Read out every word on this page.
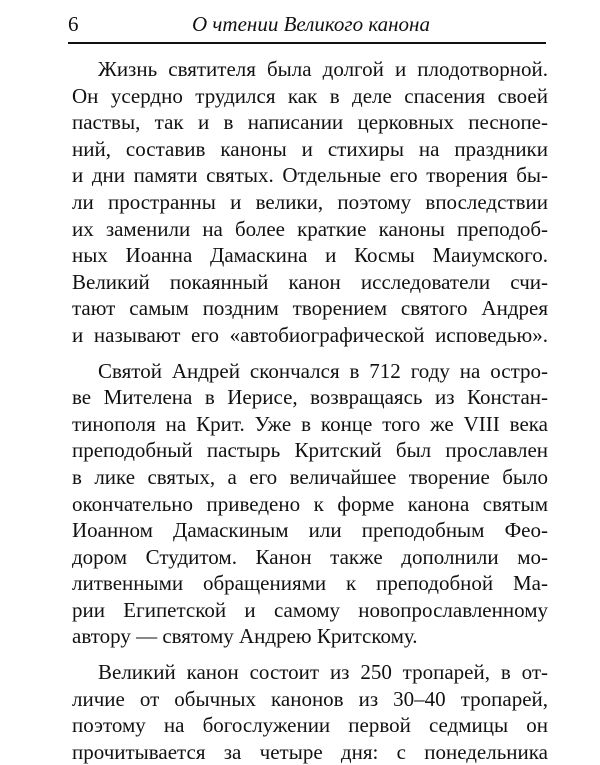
6	О чтении Великого канона
Жизнь святителя была долгой и плодотворной.
Он усердно трудился как в деле спасения своей
паствы, так и в написании церковных песнопе-
ний, составив каноны и стихиры на праздники
и дни памяти святых. Отдельные его творения бы-
ли пространны и велики, поэтому впоследствии
их заменили на более краткие каноны преподоб-
ных Иоанна Дамаскина и Космы Маиумского.
Великий покаянный канон исследователи счи-
тают самым поздним творением святого Андрея
и называют его «автобиографической исповедью».
Святой Андрей скончался в 712 году на остро-
ве Мителена в Иерисе, возвращаясь из Констан-
тинополя на Крит. Уже в конце того же VIII века
преподобный пастырь Критский был прославлен
в лике святых, а его величайшее творение было
окончательно приведено к форме канона святым
Иоанном Дамаскиным или преподобным Фео-
дором Студитом. Канон также дополнили мо-
литвенными обращениями к преподобной Ма-
рии Египетской и самому новопрославленному
автору — святому Андрею Критскому.
Великий канон состоит из 250 тропарей, в от-
личие от обычных канонов из 30–40 тропарей,
поэтому на богослужении первой седмицы он
прочитывается за четыре дня: с понедельника
